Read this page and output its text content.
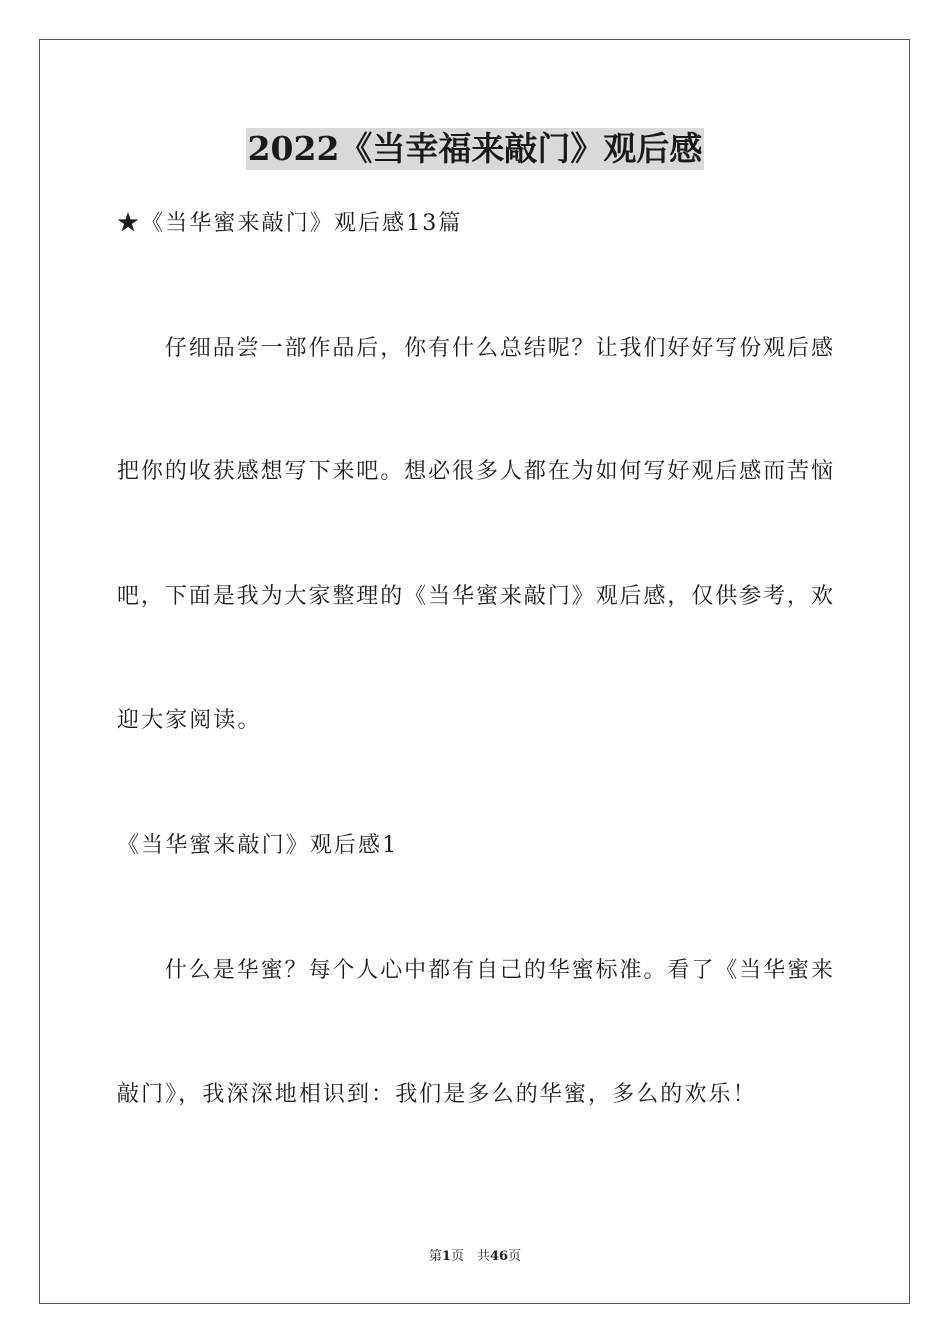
2022《当幸福来敲门》观后感
★《当华蜜来敲门》观后感13篇
　　仔细品尝一部作品后，你有什么总结呢？让我们好好写份观后感
把你的收获感想写下来吧。想必很多人都在为如何写好观后感而苦恼
吧，下面是我为大家整理的《当华蜜来敲门》观后感，仅供参考，欢
迎大家阅读。
《当华蜜来敲门》观后感1
　　什么是华蜜？每个人心中都有自己的华蜜标准。看了《当华蜜来
敲门》，我深深地相识到：我们是多么的华蜜，多么的欢乐！
第1页　共46页
